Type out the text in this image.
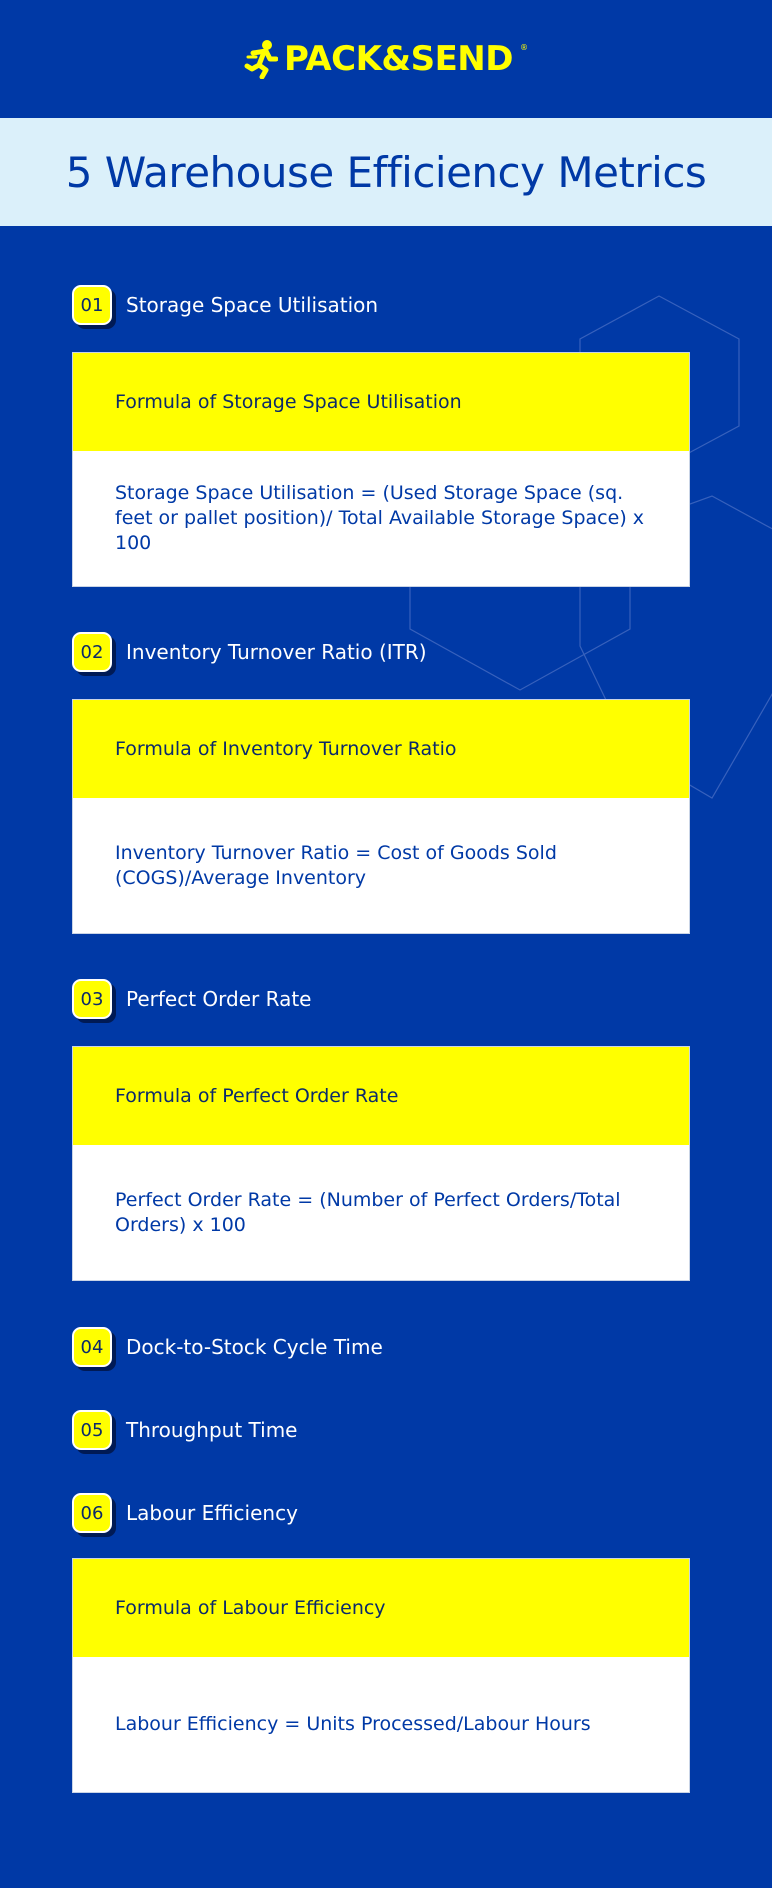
PACK&SEND ®
5 Warehouse Efficiency Metrics
01	Storage Space Utilisation
Formula of Storage Space Utilisation
Storage Space Utilisation = (Used Storage Space (sq. feet or pallet position)/ Total Available Storage Space) x 100
02	Inventory Turnover Ratio (ITR)
Formula of Inventory Turnover Ratio
Inventory Turnover Ratio = Cost of Goods Sold (COGS)/Average Inventory
03	Perfect Order Rate
Formula of Perfect Order Rate
Perfect Order Rate = (Number of Perfect Orders/Total Orders) x 100
04	Dock-to-Stock Cycle Time
05	Throughput Time
06	Labour Efficiency
Formula of Labour Efficiency
Labour Efficiency = Units Processed/Labour Hours
